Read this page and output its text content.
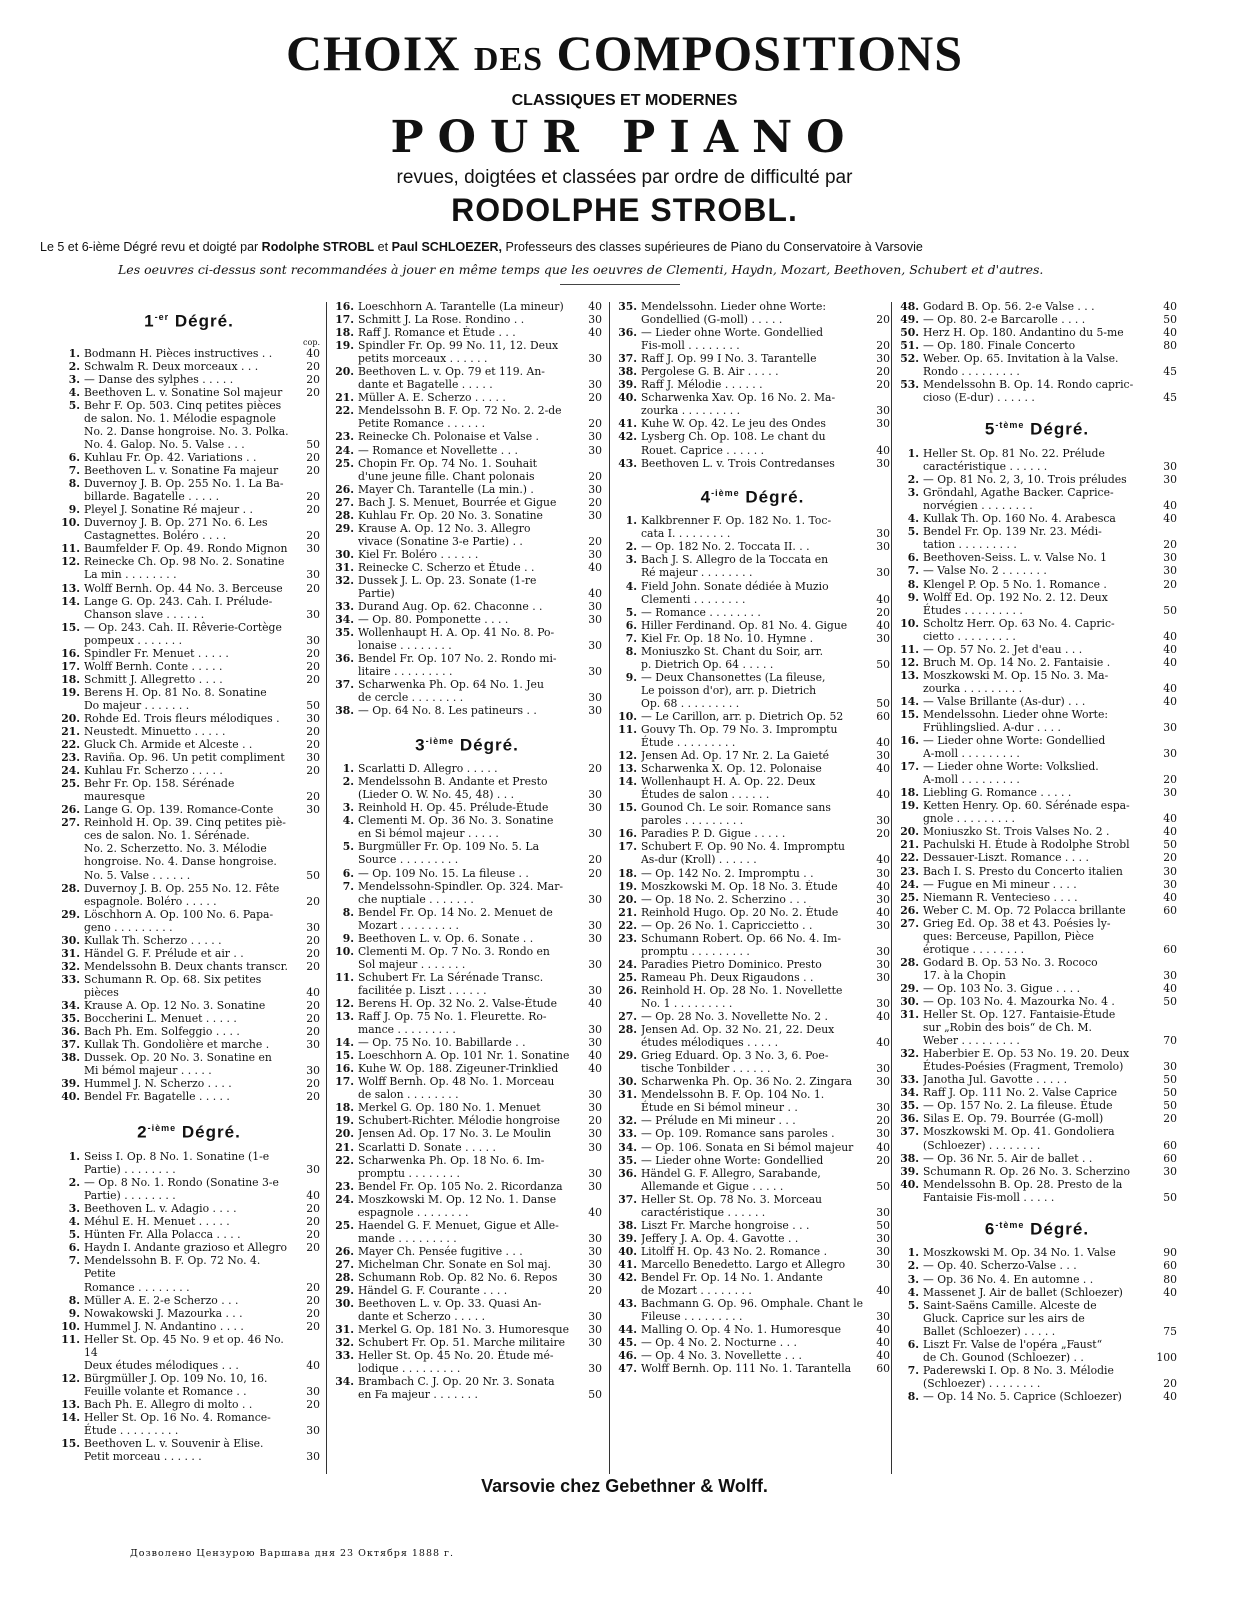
CHOIX DES COMPOSITIONS
CLASSIQUES ET MODERNES
POUR PIANO
revues, doigtées et classées par ordre de difficulté par
RODOLPHE STROBL.
Le 5 et 6-ième Dégré revu et doigté par Rodolphe STROBL et Paul SCHLOEZER, Professeurs des classes supérieures de Piano du Conservatoire à Varsovie
Les oeuvres ci-dessus sont recommandées à jouer en même temps que les oeuvres de Clementi, Haydn, Mozart, Beethoven, Schubert et d'autres.
$1^{-er}$ Dégré.
cop.
1. Bodmann H. Pièces instructives . .	40
2. Schwalm R. Deux morceaux . . .	20
3. — Danse des sylphes . . . . .	20
4. Beethoven L. v. Sonatine Sol majeur	20
5. Behr F. Op. 503. Cinq petites pièces
de salon. No. 1. Mélodie espagnole
No. 2. Danse hongroise. No. 3. Polka.
No. 4. Galop. No. 5. Valse . . .	50
6. Kuhlau Fr. Op. 42. Variations . .	20
7. Beethoven L. v. Sonatine Fa majeur	20
8. Duvernoy J. B. Op. 255 No. 1. La Ba-
billarde. Bagatelle . . . . .	20
9. Pleyel J. Sonatine Ré majeur . .	20
10. Duvernoy J. B. Op. 271 No. 6. Les
Castagnettes. Boléro . . . .	20
11. Baumfelder F. Op. 49. Rondo Mignon	30
12. Reinecke Ch. Op. 98 No. 2. Sonatine
La min . . . . . . . .	30
13. Wolff Bernh. Op. 44 No. 3. Berceuse	20
14. Lange G. Op. 243. Cah. I. Prélude-
Chanson slave . . . . . .	30
15. — Op. 243. Cah. II. Rêverie-Cortège
pompeux . . . . . . .	30
16. Spindler Fr. Menuet . . . . .	20
17. Wolff Bernh. Conte . . . . .	20
18. Schmitt J. Allegretto . . . .	20
19. Berens H. Op. 81 No. 8. Sonatine
Do majeur . . . . . . .	50
20. Rohde Ed. Trois fleurs mélodiques .	30
21. Neustedt. Minuetto . . . . .	20
22. Gluck Ch. Armide et Alceste . .	20
23. Raviña. Op. 96. Un petit compliment	30
24. Kuhlau Fr. Scherzo . . . . .	20
25. Behr Fr. Op. 158. Sérénade mauresque	20
26. Lange G. Op. 139. Romance-Conte	30
27. Reinhold H. Op. 39. Cinq petites piè-
ces de salon. No. 1. Sérénade.
No. 2. Scherzetto. No. 3. Mélodie
hongroise. No. 4. Danse hongroise.
No. 5. Valse . . . . . .	50
28. Duvernoy J. B. Op. 255 No. 12. Fête
espagnole. Boléro . . . . .	20
29. Löschhorn A. Op. 100 No. 6. Papa-
geno . . . . . . . . .	30
30. Kullak Th. Scherzo . . . . .	20
31. Händel G. F. Prélude et air . .	20
32. Mendelssohn B. Deux chants transcr.	20
33. Schumann R. Op. 68. Six petites pièces	40
34. Krause A. Op. 12 No. 3. Sonatine	20
35. Boccherini L. Menuet . . . . .	20
36. Bach Ph. Em. Solfeggio . . . .	20
37. Kullak Th. Gondolière et marche .	30
38. Dussek. Op. 20 No. 3. Sonatine en
Mi bémol majeur . . . . .	30
39. Hummel J. N. Scherzo . . . .	20
40. Bendel Fr. Bagatelle . . . . .	20
$2^{-ième}$ Dégré.
1. Seiss I. Op. 8 No. 1. Sonatine (1-e
Partie) . . . . . . . .	30
2. — Op. 8 No. 1. Rondo (Sonatine 3-e
Partie) . . . . . . . .	40
3. Beethoven L. v. Adagio . . . .	20
4. Méhul E. H. Menuet . . . . .	20
5. Hünten Fr. Alla Polacca . . . .	20
6. Haydn I. Andante grazioso et Allegro	20
7. Mendelssohn B. F. Op. 72 No. 4. Petite
Romance . . . . . . . .	20
8. Müller A. E. 2-e Scherzo . . .	20
9. Nowakowski J. Mazourka . . .	20
10. Hummel J. N. Andantino . . . .	20
11. Heller St. Op. 45 No. 9 et op. 46 No. 14
Deux études mélodiques . . .	40
12. Bürgmüller J. Op. 109 No. 10, 16.
Feuille volante et Romance . .	30
13. Bach Ph. E. Allegro di molto . .	20
14. Heller St. Op. 16 No. 4. Romance-
Étude . . . . . . . . .	30
15. Beethoven L. v. Souvenir à Elise.
Petit morceau . . . . . .	30
16. Loeschhorn A. Tarantelle (La mineur)	40
17. Schmitt J. La Rose. Rondino . .	30
18. Raff J. Romance et Étude . . .	40
19. Spindler Fr. Op. 99 No. 11, 12. Deux
petits morceaux . . . . . .	30
20. Beethoven L. v. Op. 79 et 119. An-
dante et Bagatelle . . . . .	30
21. Müller A. E. Scherzo . . . . .	20
22. Mendelssohn B. F. Op. 72 No. 2. 2-de
Petite Romance . . . . . .	20
23. Reinecke Ch. Polonaise et Valse .	30
24. — Romance et Novellette . . .	30
25. Chopin Fr. Op. 74 No. 1. Souhait
d'une jeune fille. Chant polonais	20
26. Mayer Ch. Tarantelle (La min.) .	30
27. Bach J. S. Menuet, Bourrée et Gigue	20
28. Kuhlau Fr. Op. 20 No. 3. Sonatine	30
29. Krause A. Op. 12 No. 3. Allegro
vivace (Sonatine 3-e Partie) . .	20
30. Kiel Fr. Boléro . . . . . .	30
31. Reinecke C. Scherzo et Étude . .	40
32. Dussek J. L. Op. 23. Sonate (1-re Partie)	40
33. Durand Aug. Op. 62. Chaconne . .	30
34. — Op. 80. Pomponette . . . .	30
35. Wollenhaupt H. A. Op. 41 No. 8. Po-
lonaise . . . . . . . .	30
36. Bendel Fr. Op. 107 No. 2. Rondo mi-
litaire . . . . . . . . .	30
37. Scharwenka Ph. Op. 64 No. 1. Jeu
de cercle . . . . . . . .	30
38. — Op. 64 No. 8. Les patineurs . .	30
$3^{-ième}$ Dégré.
1. Scarlatti D. Allegro . . . . .	20
2. Mendelssohn B. Andante et Presto
(Lieder O. W. No. 45, 48) . . .	30
3. Reinhold H. Op. 45. Prélude-Étude	30
4. Clementi M. Op. 36 No. 3. Sonatine
en Si bémol majeur . . . . .	30
5. Burgmüller Fr. Op. 109 No. 5. La
Source . . . . . . . . .	20
6. — Op. 109 No. 15. La fileuse . .	20
7. Mendelssohn-Spindler. Op. 324. Mar-
che nuptiale . . . . . . .	30
8. Bendel Fr. Op. 14 No. 2. Menuet de
Mozart . . . . . . . . .	30
9. Beethoven L. v. Op. 6. Sonate . .	30
10. Clementi M. Op. 7 No. 3. Rondo en
Sol majeur . . . . . . .	30
11. Schubert Fr. La Sérénade Transc.
facilitée p. Liszt . . . . . .	30
12. Berens H. Op. 32 No. 2. Valse-Étude	40
13. Raff J. Op. 75 No. 1. Fleurette. Ro-
mance . . . . . . . . .	30
14. — Op. 75 No. 10. Babillarde . .	30
15. Loeschhorn A. Op. 101 Nr. 1. Sonatine	40
16. Kuhe W. Op. 188. Zigeuner-Trinklied	40
17. Wolff Bernh. Op. 48 No. 1. Morceau
de salon . . . . . . . .	30
18. Merkel G. Op. 180 No. 1. Menuet	30
19. Schubert-Richter. Mélodie hongroise	20
20. Jensen Ad. Op. 17 No. 3. Le Moulin	30
21. Scarlatti D. Sonate . . . . .	30
22. Scharwenka Ph. Op. 18 No. 6. Im-
promptu . . . . . . . .	30
23. Bendel Fr. Op. 105 No. 2. Ricordanza	30
24. Moszkowski M. Op. 12 No. 1. Danse
espagnole . . . . . . . .	40
25. Haendel G. F. Menuet, Gigue et Alle-
mande . . . . . . . . .	30
26. Mayer Ch. Pensée fugitive . . .	30
27. Michelman Chr. Sonate en Sol maj.	30
28. Schumann Rob. Op. 82 No. 6. Repos	30
29. Händel G. F. Courante . . . .	20
30. Beethoven L. v. Op. 33. Quasi An-
dante et Scherzo . . . . .	30
31. Merkel G. Op. 181 No. 3. Humoresque	30
32. Schubert Fr. Op. 51. Marche militaire	30
33. Heller St. Op. 45 No. 20. Étude mé-
lodique . . . . . . . . .	30
34. Brambach C. J. Op. 20 Nr. 3. Sonata
en Fa majeur . . . . . . .	50
35. Mendelssohn. Lieder ohne Worte:
Gondellied (G-moll) . . . . .	20
36. — Lieder ohne Worte. Gondellied
Fis-moll . . . . . . . .	20
37. Raff J. Op. 99 I No. 3. Tarantelle	30
38. Pergolese G. B. Air . . . . .	20
39. Raff J. Mélodie . . . . . .	20
40. Scharwenka Xav. Op. 16 No. 2. Ma-
zourka . . . . . . . . .	30
41. Kuhe W. Op. 42. Le jeu des Ondes	30
42. Lysberg Ch. Op. 108. Le chant du
Rouet. Caprice . . . . . .	40
43. Beethoven L. v. Trois Contredanses	30
$4^{-ième}$ Dégré.
1. Kalkbrenner F. Op. 182 No. 1. Toc-
cata I. . . . . . . . .	30
2. — Op. 182 No. 2. Toccata II. . .	30
3. Bach J. S. Allegro de la Toccata en
Ré majeur . . . . . . . .	30
4. Field John. Sonate dédiée à Muzio
Clementi . . . . . . . .	40
5. — Romance . . . . . . . .	20
6. Hiller Ferdinand. Op. 81 No. 4. Gigue	40
7. Kiel Fr. Op. 18 No. 10. Hymne .	30
8. Moniuszko St. Chant du Soir, arr.
p. Dietrich Op. 64 . . . . .	50
9. — Deux Chansonettes (La fileuse,
Le poisson d'or), arr. p. Dietrich
Op. 68 . . . . . . . . .	50
10. — Le Carillon, arr. p. Dietrich Op. 52	60
11. Gouvy Th. Op. 79 No. 3. Impromptu
Étude . . . . . . . . .	40
12. Jensen Ad. Op. 17 Nr. 2. La Gaieté	30
13. Scharwenka X. Op. 12. Polonaise	40
14. Wollenhaupt H. A. Op. 22. Deux
Études de salon . . . . . .	40
15. Gounod Ch. Le soir. Romance sans
paroles . . . . . . . . .	30
16. Paradies P. D. Gigue . . . . .	20
17. Schubert F. Op. 90 No. 4. Impromptu
As-dur (Kroll) . . . . . .	40
18. — Op. 142 No. 2. Impromptu . .	30
19. Moszkowski M. Op. 18 No. 3. Étude	40
20. — Op. 18 No. 2. Scherzino . . .	30
21. Reinhold Hugo. Op. 20 No. 2. Étude	40
22. — Op. 26 No. 1. Capriccietto . .	30
23. Schumann Robert. Op. 66 No. 4. Im-
promptu . . . . . . . . .	30
24. Paradies Pietro Dominico. Presto	30
25. Rameau Ph. Deux Rigaudons . .	30
26. Reinhold H. Op. 28 No. 1. Novellette
No. 1 . . . . . . . . .	30
27. — Op. 28 No. 3. Novellette No. 2 .	40
28. Jensen Ad. Op. 32 No. 21, 22. Deux
études mélodiques . . . . .	40
29. Grieg Eduard. Op. 3 No. 3, 6. Poe-
tische Tonbilder . . . . . .	30
30. Scharwenka Ph. Op. 36 No. 2. Zingara	30
31. Mendelssohn B. F. Op. 104 No. 1.
Étude en Si bémol mineur . .	30
32. — Prélude en Mi mineur . . .	20
33. — Op. 109. Romance sans paroles .	30
34. — Op. 106. Sonata en Si bémol majeur	40
35. — Lieder ohne Worte: Gondellied	20
36. Händel G. F. Allegro, Sarabande,
Allemande et Gigue . . . . .	50
37. Heller St. Op. 78 No. 3. Morceau
caractéristique . . . . . .	30
38. Liszt Fr. Marche hongroise . . .	50
39. Jeffery J. A. Op. 4. Gavotte . .	30
40. Litolff H. Op. 43 No. 2. Romance .	30
41. Marcello Benedetto. Largo et Allegro	30
42. Bendel Fr. Op. 14 No. 1. Andante
de Mozart . . . . . . . .	40
43. Bachmann G. Op. 96. Omphale. Chant le
Fileuse . . . . . . . . .	30
44. Malling O. Op. 4 No. 1. Humoresque	40
45. — Op. 4 No. 2. Nocturne . . .	40
46. — Op. 4 No. 3. Novellette . . .	40
47. Wolff Bernh. Op. 111 No. 1. Tarantella	60
48. Godard B. Op. 56. 2-e Valse . . .	40
49. — Op. 80. 2-e Barcarolle . . . .	50
50. Herz H. Op. 180. Andantino du 5-me	40
51. — Op. 180. Finale Concerto	80
52. Weber. Op. 65. Invitation à la Valse.
Rondo . . . . . . . . .	45
53. Mendelssohn B. Op. 14. Rondo capric-
cioso (E-dur) . . . . . .	45
$5^{-tème}$ Dégré.
1. Heller St. Op. 81 No. 22. Prélude
caractéristique . . . . . .	30
2. — Op. 81 No. 2, 3, 10. Trois préludes	30
3. Gröndahl, Agathe Backer. Caprice-
norvégien . . . . . . . .	40
4. Kullak Th. Op. 160 No. 4. Arabesca	40
5. Bendel Fr. Op. 139 Nr. 23. Médi-
tation . . . . . . . . .	20
6. Beethoven-Seiss. L. v. Valse No. 1	30
7. — Valse No. 2 . . . . . . .	30
8. Klengel P. Op. 5 No. 1. Romance .	20
9. Wolff Ed. Op. 192 No. 2. 12. Deux
Études . . . . . . . . .	50
10. Scholtz Herr. Op. 63 No. 4. Capric-
cietto . . . . . . . . .	40
11. — Op. 57 No. 2. Jet d'eau . . .	40
12. Bruch M. Op. 14 No. 2. Fantaisie .	40
13. Moszkowski M. Op. 15 No. 3. Ma-
zourka . . . . . . . . .	40
14. — Valse Brillante (As-dur) . . .	40
15. Mendelssohn. Lieder ohne Worte:
Frühlingslied. A-dur . . . .	30
16. — Lieder ohne Worte: Gondellied
A-moll . . . . . . . . .	30
17. — Lieder ohne Worte: Volkslied.
A-moll . . . . . . . . .	20
18. Liebling G. Romance . . . . .	30
19. Ketten Henry. Op. 60. Sérénade espa-
gnole . . . . . . . . .	40
20. Moniuszko St. Trois Valses No. 2 .	40
21. Pachulski H. Étude à Rodolphe Strobl	50
22. Dessauer-Liszt. Romance . . . .	20
23. Bach I. S. Presto du Concerto italien	30
24. — Fugue en Mi mineur . . . .	30
25. Niemann R. Ventecieso . . . .	40
26. Weber C. M. Op. 72 Polacca brillante	60
27. Grieg Ed. Op. 38 et 43. Poésies ly-
ques: Berceuse, Papillon, Pièce
érotique . . . . . . . .	60
28. Godard B. Op. 53 No. 3. Rococo
17. à la Chopin	30
29. — Op. 103 No. 3. Gigue . . . .	40
30. — Op. 103 No. 4. Mazourka No. 4 .	50
31. Heller St. Op. 127. Fantaisie-Étude
sur „Robin des bois“ de Ch. M.
Weber . . . . . . . . .	70
32. Haberbier E. Op. 53 No. 19. 20. Deux
Études-Poésies (Fragment, Tremolo)	30
33. Janotha Jul. Gavotte . . . . .	50
34. Raff J. Op. 111 No. 2. Valse Caprice	50
35. — Op. 157 No. 2. La fileuse. Étude	50
36. Silas E. Op. 79. Bourrée (G-moll)	20
37. Moszkowski M. Op. 41. Gondoliera
(Schloezer) . . . . . . . .	60
38. — Op. 36 Nr. 5. Air de ballet . .	60
39. Schumann R. Op. 26 No. 3. Scherzino	30
40. Mendelssohn B. Op. 28. Presto de la
Fantaisie Fis-moll . . . . .	50
$6^{-tème}$ Dégré.
1. Moszkowski M. Op. 34 No. 1. Valse	90
2. — Op. 40. Scherzo-Valse . . .	60
3. — Op. 36 No. 4. En automne . .	80
4. Massenet J. Air de ballet (Schloezer)	40
5. Saint-Saëns Camille. Alceste de
Gluck. Caprice sur les airs de
Ballet (Schloezer) . . . . .	75
6. Liszt Fr. Valse de l'opéra „Faust“
de Ch. Gounod (Schloezer) . .	100
7. Paderewski I. Op. 8 No. 3. Mélodie
(Schloezer) . . . . . . . .	20
8. — Op. 14 No. 5. Caprice (Schloezer)	40
Varsovie chez Gebethner & Wolff.
Дозволено Цензурою Варшава дня 23 Октября 1888 г.
